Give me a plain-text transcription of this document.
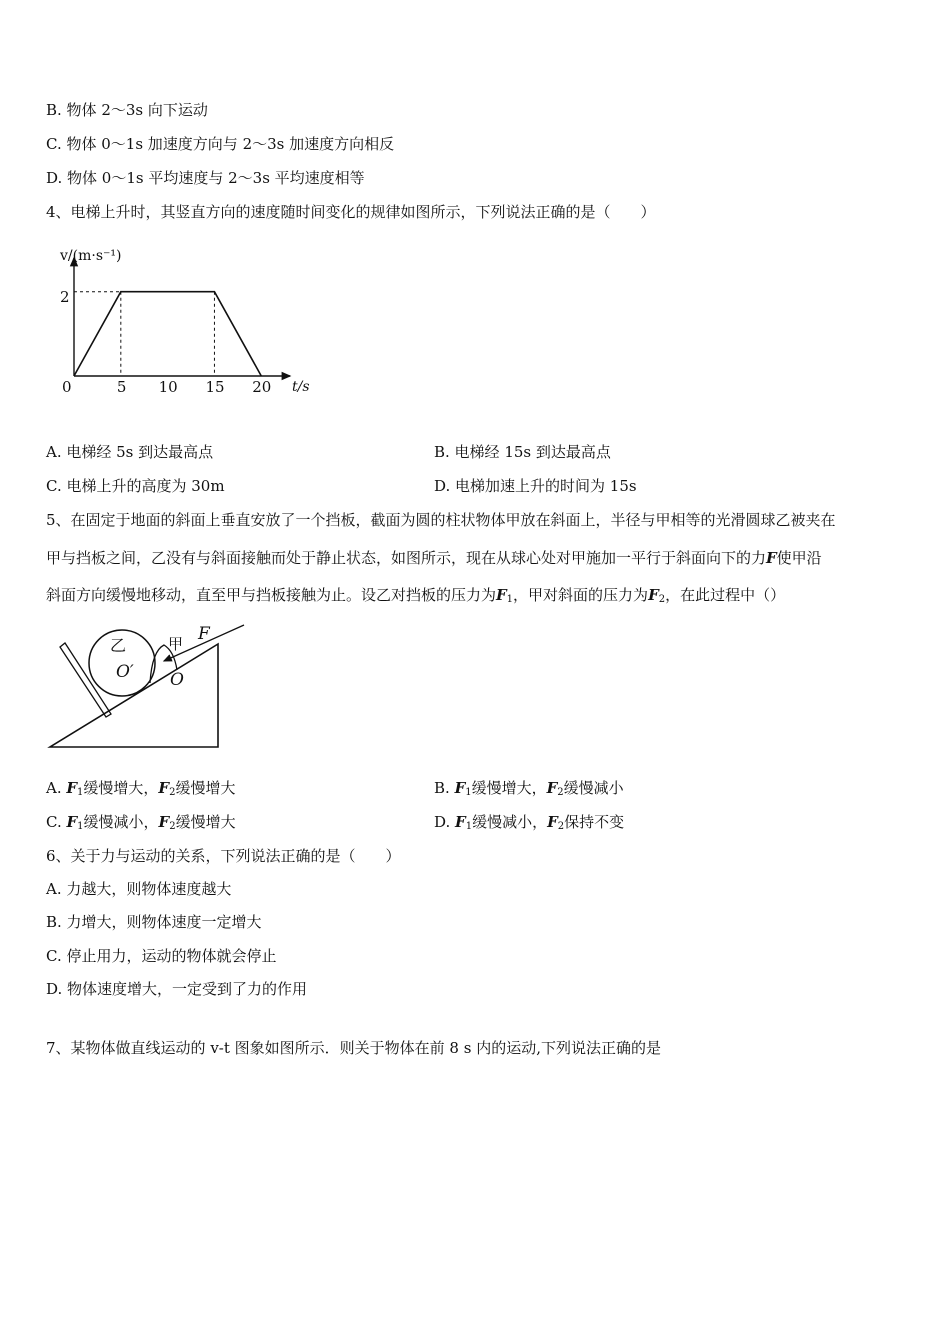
B. 物体 2～3s 向下运动
C. 物体 0～1s 加速度方向与 2～3s 加速度方向相反
D. 物体 0～1s 平均速度与 2～3s 平均速度相等
4、电梯上升时，其竖直方向的速度随时间变化的规律如图所示，下列说法正确的是（　　）
v/(m·s⁻¹)
t/s
2
0	5 10 15 20
A. 电梯经 5s 到达最高点	B. 电梯经 15s 到达最高点
C. 电梯上升的高度为 30m	D. 电梯加速上升的时间为 15s
5、在固定于地面的斜面上垂直安放了一个挡板，截面为圆的柱状物体甲放在斜面上，半径与甲相等的光滑圆球乙被夹在
甲与挡板之间，乙没有与斜面接触而处于静止状态，如图所示，现在从球心处对甲施加一平行于斜面向下的力F使甲沿
斜面方向缓慢地移动，直至甲与挡板接触为止。设乙对挡板的压力为$F_1$，甲对斜面的压力为$F_2$，在此过程中（）
乙
O′
甲
O
F
A. $F_1$缓慢增大，$F_2$缓慢增大	B. $F_1$缓慢增大，$F_2$缓慢减小
C. $F_1$缓慢减小，$F_2$缓慢增大	D. $F_1$缓慢减小，$F_2$保持不变
6、关于力与运动的关系，下列说法正确的是（　　）
A. 力越大，则物体速度越大
B. 力增大，则物体速度一定增大
C. 停止用力，运动的物体就会停止
D. 物体速度增大，一定受到了力的作用
7、某物体做直线运动的 v-t 图象如图所示．则关于物体在前 8 s 内的运动,下列说法正确的是
